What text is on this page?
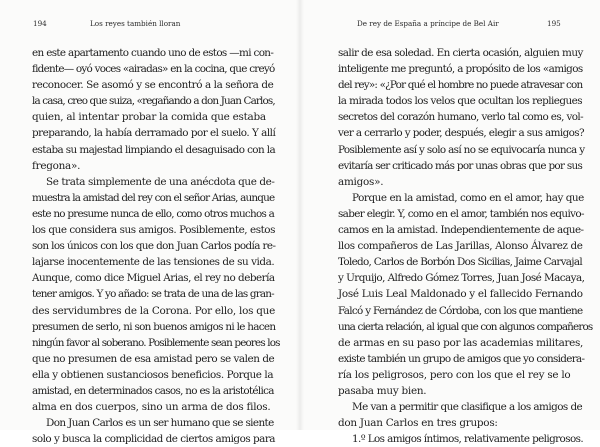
194	Los reyes también lloran
en este apartamento cuando uno de estos —mi con-
fidente— oyó voces «airadas» en la cocina, que creyó
reconocer. Se asomó y se encontró a la señora de
la casa, creo que suiza, «regañando a don Juan Carlos,
quien, al intentar probar la comida que estaba
preparando, la había derramado por el suelo. Y allí
estaba su majestad limpiando el desaguisado con la
fregona».
Se trata simplemente de una anécdota que de-
muestra la amistad del rey con el señor Arias, aunque
este no presume nunca de ello, como otros muchos a
los que considera sus amigos. Posiblemente, estos
son los únicos con los que don Juan Carlos podía re-
lajarse inocentemente de las tensiones de su vida.
Aunque, como dice Miguel Arias, el rey no debería
tener amigos. Y yo añado: se trata de una de las gran-
des servidumbres de la Corona. Por ello, los que
presumen de serlo, ni son buenos amigos ni le hacen
ningún favor al soberano. Posiblemente sean peores los
que no presumen de esa amistad pero se valen de
ella y obtienen sustanciosos beneficios. Porque la
amistad, en determinados casos, no es la aristotélica
alma en dos cuerpos, sino un arma de dos filos.
Don Juan Carlos es un ser humano que se siente
solo y busca la complicidad de ciertos amigos para
De rey de España a príncipe de Bel Air	195
salir de esa soledad. En cierta ocasión, alguien muy
inteligente me preguntó, a propósito de los «amigos
del rey»: «¿Por qué el hombre no puede atravesar con
la mirada todos los velos que ocultan los repliegues
secretos del corazón humano, verlo tal como es, vol-
ver a cerrarlo y poder, después, elegir a sus amigos?
Posiblemente así y solo así no se equivocaría nunca y
evitaría ser criticado más por unas obras que por sus
amigos».
Porque en la amistad, como en el amor, hay que
saber elegir. Y, como en el amor, también nos equivo-
camos en la amistad. Independientemente de aque-
llos compañeros de Las Jarillas, Alonso Álvarez de
Toledo, Carlos de Borbón Dos Sicilias, Jaime Carvajal
y Urquijo, Alfredo Gómez Torres, Juan José Macaya,
José Luis Leal Maldonado y el fallecido Fernando
Falcó y Fernández de Córdoba, con los que mantiene
una cierta relación, al igual que con algunos compañeros
de armas en su paso por las academias militares,
existe también un grupo de amigos que yo considera-
ría los peligrosos, pero con los que el rey se lo
pasaba muy bien.
Me van a permitir que clasifique a los amigos de
don Juan Carlos en tres grupos:
1.º Los amigos íntimos, relativamente peligrosos.
